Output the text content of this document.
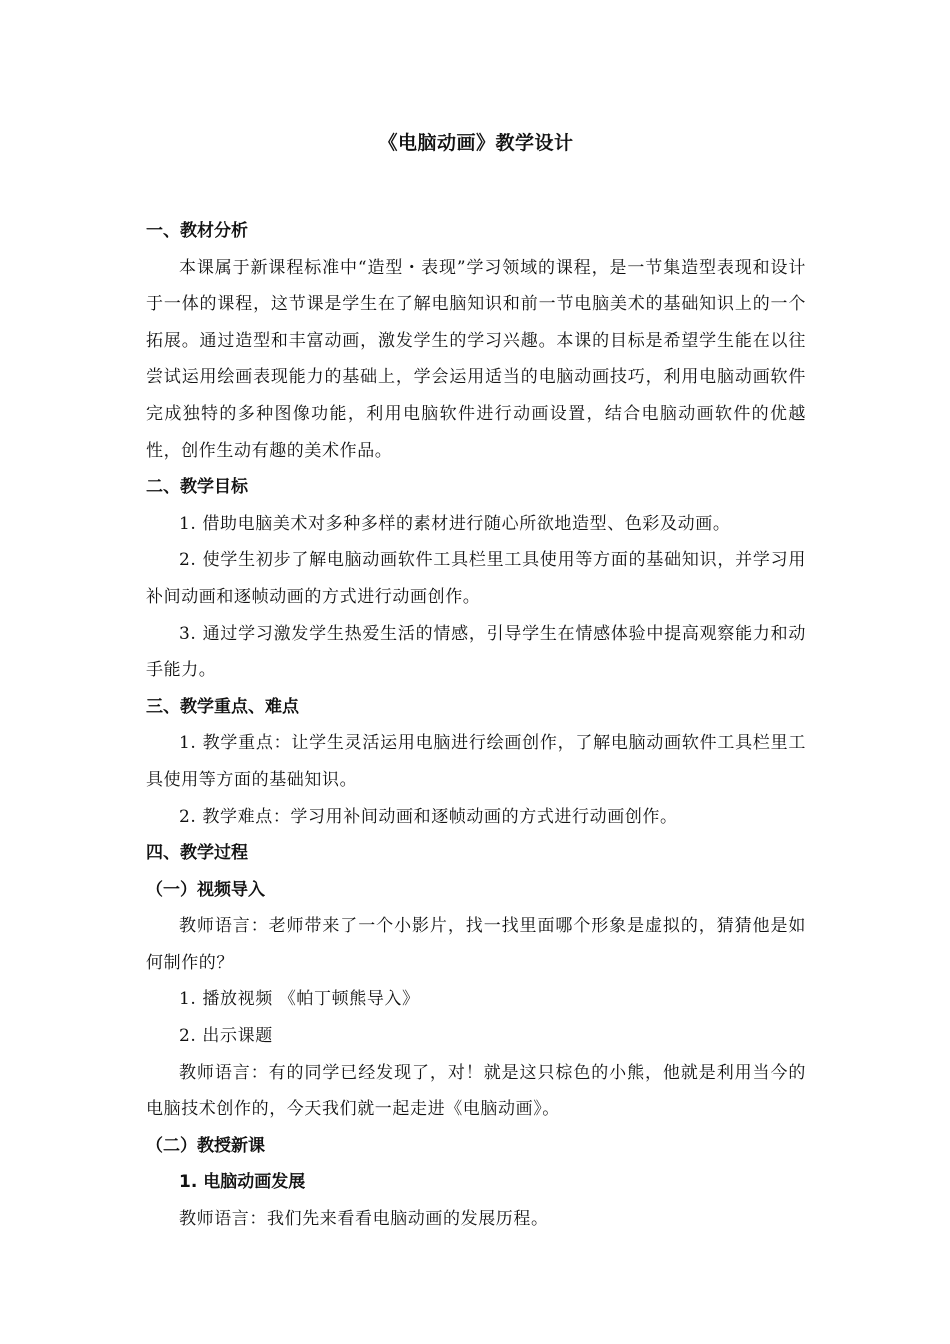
《电脑动画》教学设计

一、教材分析

本课属于新课程标准中“造型・表现”学习领域的课程，是一节集造型表现和设计于一体的课程，这节课是学生在了解电脑知识和前一节电脑美术的基础知识上的一个拓展。通过造型和丰富动画，激发学生的学习兴趣。本课的目标是希望学生能在以往尝试运用绘画表现能力的基础上，学会运用适当的电脑动画技巧，利用电脑动画软件完成独特的多种图像功能，利用电脑软件进行动画设置，结合电脑动画软件的优越性，创作生动有趣的美术作品。

二、教学目标

1. 借助电脑美术对多种多样的素材进行随心所欲地造型、色彩及动画。

2. 使学生初步了解电脑动画软件工具栏里工具使用等方面的基础知识，并学习用补间动画和逐帧动画的方式进行动画创作。

3. 通过学习激发学生热爱生活的情感，引导学生在情感体验中提高观察能力和动手能力。

三、教学重点、难点

1. 教学重点：让学生灵活运用电脑进行绘画创作，了解电脑动画软件工具栏里工具使用等方面的基础知识。

2. 教学难点：学习用补间动画和逐帧动画的方式进行动画创作。

四、教学过程

（一）视频导入

教师语言：老师带来了一个小影片，找一找里面哪个形象是虚拟的，猜猜他是如何制作的？

1. 播放视频 《帕丁顿熊导入》

2. 出示课题

教师语言：有的同学已经发现了，对！就是这只棕色的小熊，他就是利用当今的电脑技术创作的，今天我们就一起走进《电脑动画》。

（二）教授新课

1. 电脑动画发展

教师语言：我们先来看看电脑动画的发展历程。
